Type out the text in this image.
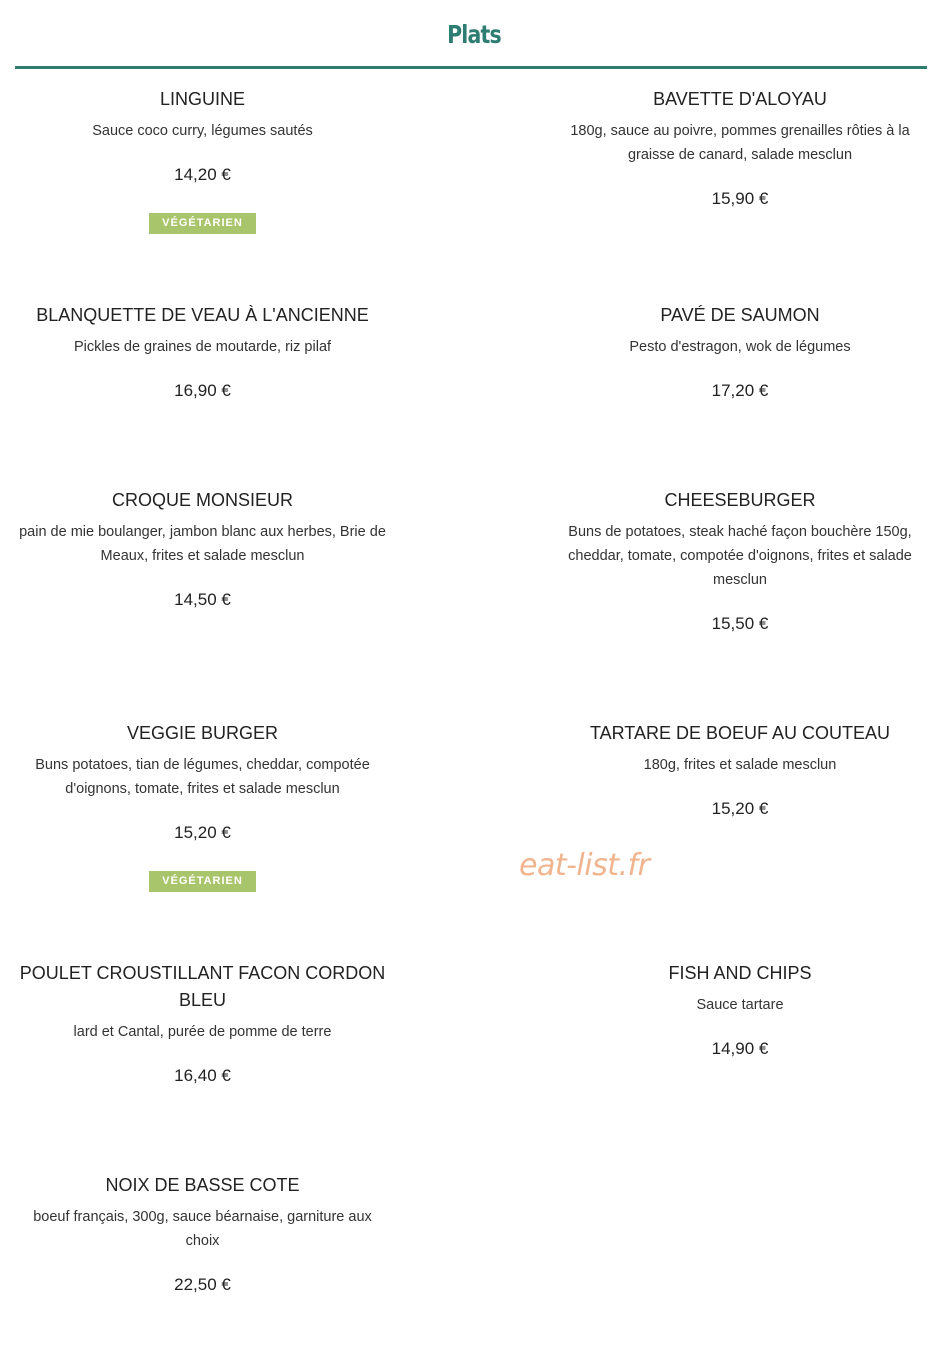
Plats
LINGUINE
Sauce coco curry, légumes sautés
14,20 €
VÉGÉTARIEN
BAVETTE D'ALOYAU
180g, sauce au poivre, pommes grenailles rôties à la graisse de canard, salade mesclun
15,90 €
BLANQUETTE DE VEAU À L'ANCIENNE
Pickles de graines de moutarde, riz pilaf
16,90 €
PAVÉ DE SAUMON
Pesto d'estragon, wok de légumes
17,20 €
CROQUE MONSIEUR
pain de mie boulanger, jambon blanc aux herbes, Brie de Meaux, frites et salade mesclun
14,50 €
CHEESEBURGER
Buns de potatoes, steak haché façon bouchère 150g, cheddar, tomate, compotée d'oignons, frites et salade mesclun
15,50 €
VEGGIE BURGER
Buns potatoes, tian de légumes, cheddar, compotée d'oignons, tomate, frites et salade mesclun
15,20 €
VÉGÉTARIEN
TARTARE DE BOEUF AU COUTEAU
180g, frites et salade mesclun
15,20 €
POULET CROUSTILLANT FACON CORDON BLEU
lard et Cantal, purée de pomme de terre
16,40 €
FISH AND CHIPS
Sauce tartare
14,90 €
NOIX DE BASSE COTE
boeuf français, 300g, sauce béarnaise, garniture aux choix
22,50 €
eat-list.fr
